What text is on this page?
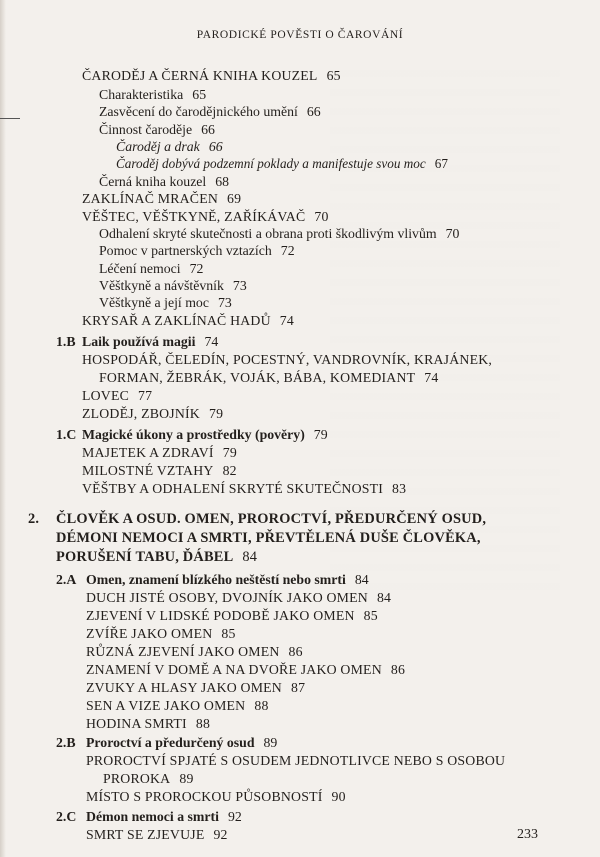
PARODICKÉ POVĚSTI O ČAROVÁNÍ
ČARODĚJ A ČERNÁ KNIHA KOUZEL 65
Charakteristika 65
Zasvěcení do čarodějnického umění 66
Činnost čaroděje 66
Čaroděj a drak 66
Čaroděj dobývá podzemní poklady a manifestuje svou moc 67
Černá kniha kouzel 68
ZAKLÍNAČ MRAČEN 69
VĚŠTEC, VĚŠTKYNĚ, ZAŘÍKÁVAČ 70
Odhalení skryté skutečnosti a obrana proti škodlivým vlivům 70
Pomoc v partnerských vztazích 72
Léčení nemoci 72
Věštkyně a návštěvník 73
Věštkyně a její moc 73
KRYSAŘ A ZAKLÍNAČ HADŮ 74
1.B Laik používá magii 74
HOSPODÁŘ, ČELEDÍN, POCESTNÝ, VANDROVNÍK, KRAJÁNEK,
FORMAN, ŽEBRÁK, VOJÁK, BÁBA, KOMEDIANT 74
LOVEC 77
ZLODĚJ, ZBOJNÍK 79
1.C Magické úkony a prostředky (pověry) 79
MAJETEK A ZDRAVÍ 79
MILOSTNÉ VZTAHY 82
VĚŠTBY A ODHALENÍ SKRYTÉ SKUTEČNOSTI 83
2. ČLOVĚK A OSUD. OMEN, PROROCTVÍ, PŘEDURČENÝ OSUD,
DÉMONI NEMOCI A SMRTI, PŘEVTĚLENÁ DUŠE ČLOVĚKA,
PORUŠENÍ TABU, ĎÁBEL 84
2.A Omen, znamení blízkého neštěstí nebo smrti 84
DUCH JISTÉ OSOBY, DVOJNÍK JAKO OMEN 84
ZJEVENÍ V LIDSKÉ PODOBĚ JAKO OMEN 85
ZVÍŘE JAKO OMEN 85
RŮZNÁ ZJEVENÍ JAKO OMEN 86
ZNAMENÍ V DOMĚ A NA DVOŘE JAKO OMEN 86
ZVUKY A HLASY JAKO OMEN 87
SEN A VIZE JAKO OMEN 88
HODINA SMRTI 88
2.B Proroctví a předurčený osud 89
PROROCTVÍ SPJATÉ S OSUDEM JEDNOTLIVCE NEBO S OSOBOU
PROROKA 89
MÍSTO S PROROCKOU PŮSOBNOSTÍ 90
2.C Démon nemoci a smrti 92
SMRT SE ZJEVUJE 92	233
